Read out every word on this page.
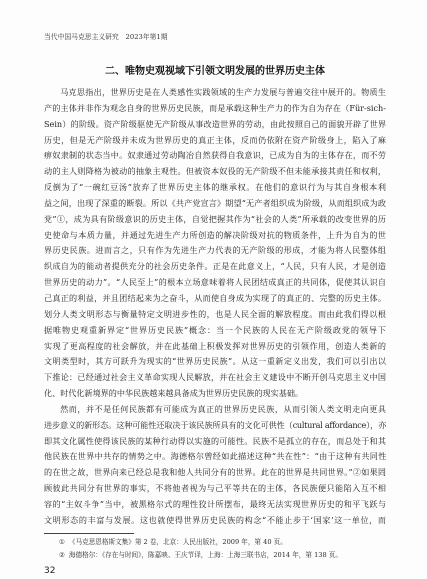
当代中国马克思主义研究　2023年第1期
二、唯物史观视域下引领文明发展的世界历史主体
马克思指出，世界历史是在人类感性实践领域的生产力发展与普遍交往中展开的。物质生
产的主体并非作为观念自身的世界历史民族，而是承载这种生产力的作为自为存在（Für-sich-
Sein）的阶级。资产阶级驱使无产阶级从事改造世界的劳动，由此按照自己的面貌开辟了世界
历史，但是无产阶级并未成为世界历史的真正主体，反而仍依附在资产阶级身上，陷入了麻
痹奴隶制的状态当中。奴隶通过劳动陶冶自然获得自我意识，已成为自为的主体存在，而不劳
动的主人则降格为被动的抽象主观性。但被资本奴役的无产阶级不但未能承接其责任和权利，
反倒为了“一碗红豆汤”放弃了世界历史主体的继承权。在他们的意识行为与其自身根本利
益之间，出现了深重的断裂。所以《共产党宣言》期望“无产者组织成为阶级，从而组织成为政
党”①，成为具有阶级意识的历史主体，自觉把握其作为“社会的人类”所承载的改变世界的历
史使命与本质力量，并通过先进生产力所创造的解决阶级对抗的物质条件，上升为自为的世
界历史民族。进而言之，只有作为先进生产力代表的无产阶级的形成，才能为将人民整体组
织成自为的能动者提供充分的社会历史条件。正是在此意义上，“人民，只有人民，才是创造
世界历史的动力”。“人民至上”的根本立场意味着将人民团结成真正的共同体，促使其认识自
己真正的利益，并且团结起来为之奋斗，从而使自身成为实现了的真正的、完整的历史主体。
划分人类文明形态与衡量特定文明进步性的，也是人民全面的解放程度。而由此我们得以根
据唯物史观重新界定“世界历史民族”概念：当一个民族的人民在无产阶级政党的领导下
实现了更高程度的社会解放，并在此基础上积极发挥对世界历史的引领作用，创造人类新的
文明类型时，其方可跃升为现实的“世界历史民族”。从这一重新定义出发，我们可以引出以
下推论：已经通过社会主义革命实现人民解放，并在社会主义建设中不断开创马克思主义中国
化、时代化新境界的中华民族越来越具备成为世界历史民族的现实基础。
然而，并不是任何民族都有可能成为真正的世界历史民族，从而引领人类文明走向更具
进步意义的新形态。这种可能性还取决于该民族所具有的文化可供性（cultural affordance），亦
即其文化属性使得该民族的某种行动得以实施的可能性。民族不是孤立的存在，而总处于和其
他民族在世界中共存的情势之中。海德格尔曾经如此描述这种“共在性”：“由于这种有共同性
的在世之故，世界向来已经总是我和他人共同分有的世界。此在的世界是共同世界。”②如果罔
顾彼此共同分有世界的事实，不将他者视为与己平等共在的主体，各民族便只能陷入互不相
容的“主奴斗争”当中，被黑格尔式的理性狡计所摆布，最终无法实现世界历史的和平飞跃与
文明形态的丰富与发展。这也就使得世界历史民族的构念“不能止步于‘国家’这一单位，而
① 《马克思恩格斯文集》第 2 卷，北京：人民出版社，2009 年，第 40 页。
② 海德格尔：《存在与时间》，陈嘉映、王庆节译，上海：上海三联书店，2014 年，第 138 页。
32
